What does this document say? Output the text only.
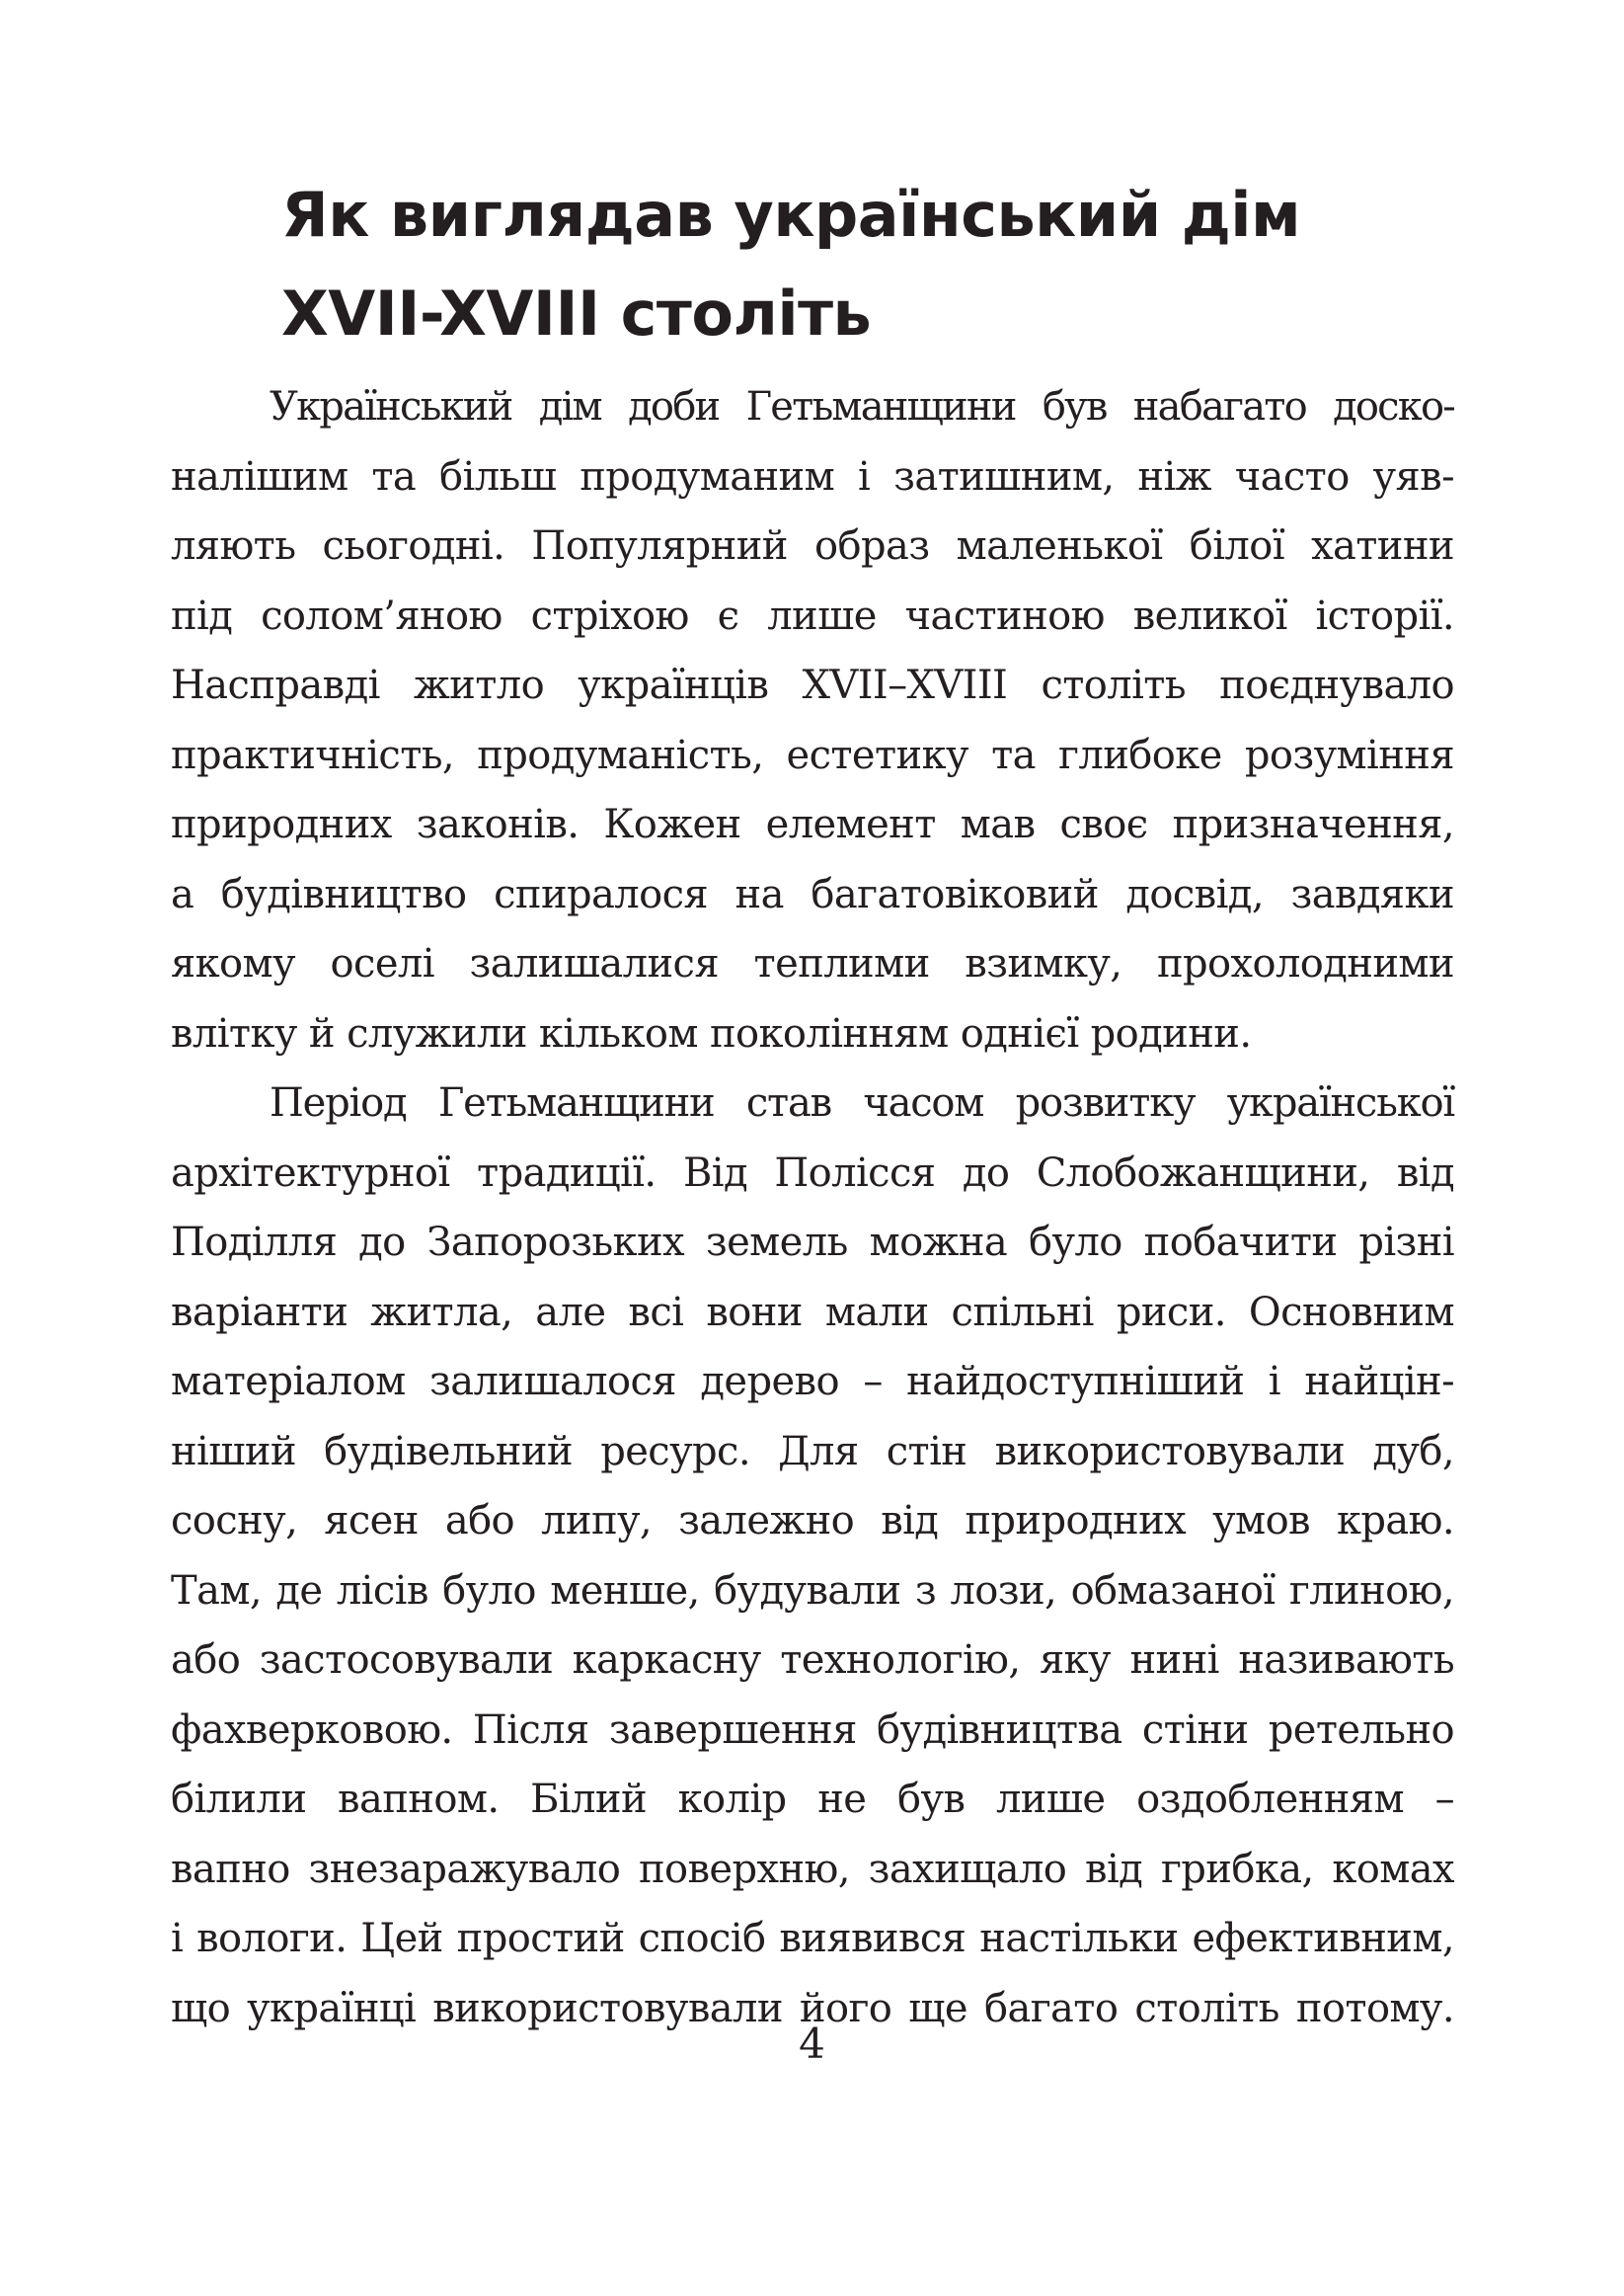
Як виглядав український дім
XVII-XVIII століть
Український дім доби Гетьманщини був набагато доско-
налішим та більш продуманим і затишним, ніж часто уяв-
ляють сьогодні. Популярний образ маленької білої хатини
під солом’яною стріхою є лише частиною великої історії.
Насправді житло українців XVII–XVIII століть поєднувало
практичність, продуманість, естетику та глибоке розуміння
природних законів. Кожен елемент мав своє призначення,
а будівництво спиралося на багатовіковий досвід, завдяки
якому оселі залишалися теплими взимку, прохолодними
влітку й служили кільком поколінням однієї родини.
Період Гетьманщини став часом розвитку української
архітектурної традиції. Від Полісся до Слобожанщини, від
Поділля до Запорозьких земель можна було побачити різні
варіанти житла, але всі вони мали спільні риси. Основним
матеріалом залишалося дерево – найдоступніший і найцін-
ніший будівельний ресурс. Для стін використовували дуб,
сосну, ясен або липу, залежно від природних умов краю.
Там, де лісів було менше, будували з лози, обмазаної глиною,
або застосовували каркасну технологію, яку нині називають
фахверковою. Після завершення будівництва стіни ретельно
білили вапном. Білий колір не був лише оздобленням –
вапно знезаражувало поверхню, захищало від грибка, комах
і вологи. Цей простий спосіб виявився настільки ефективним,
що українці використовували його ще багато століть потому.
4
